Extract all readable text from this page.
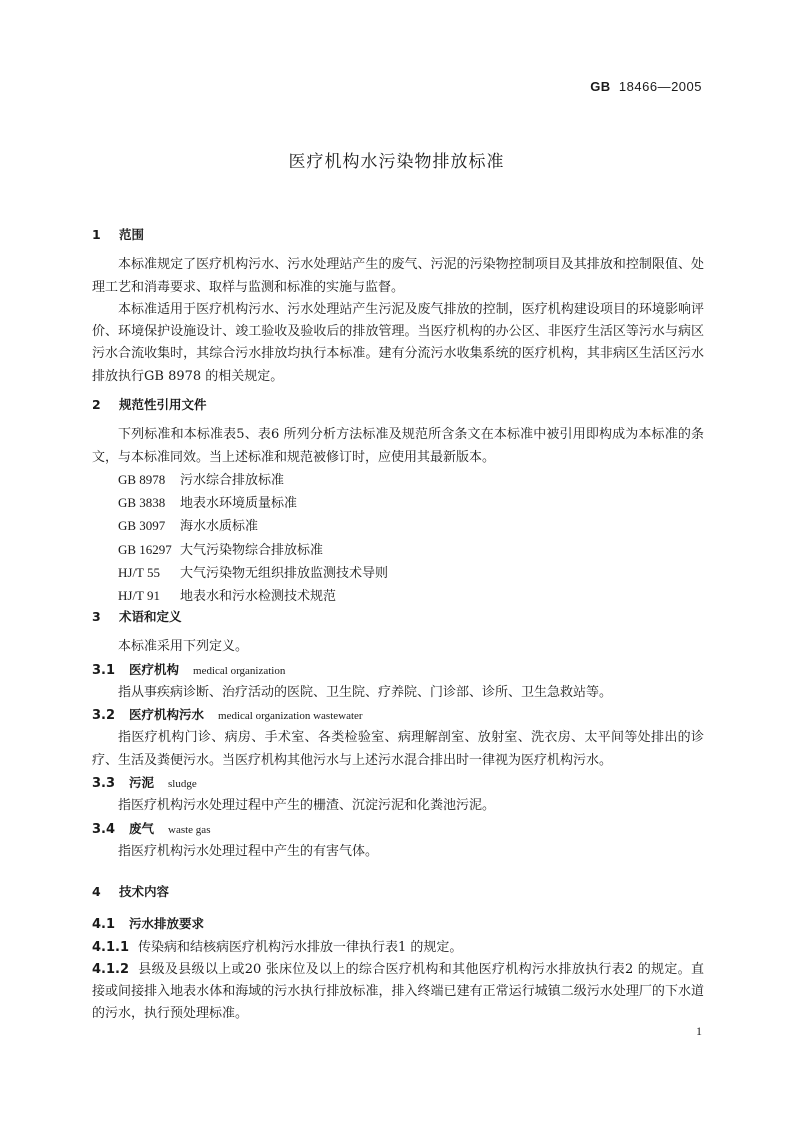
GB 18466—2005
医疗机构水污染物排放标准

1 范围

本标准规定了医疗机构污水、污水处理站产生的废气、污泥的污染物控制项目及其排放和控制限值、处理工艺和消毒要求、取样与监测和标准的实施与监督。

本标准适用于医疗机构污水、污水处理站产生污泥及废气排放的控制，医疗机构建设项目的环境影响评价、环境保护设施设计、竣工验收及验收后的排放管理。当医疗机构的办公区、非医疗生活区等污水与病区污水合流收集时，其综合污水排放均执行本标准。建有分流污水收集系统的医疗机构，其非病区生活区污水排放执行GB 8978 的相关规定。

2 规范性引用文件

下列标准和本标准表5、表6 所列分析方法标准及规范所含条文在本标准中被引用即构成为本标准的条文，与本标准同效。当上述标准和规范被修订时，应使用其最新版本。

GB 8978 污水综合排放标准

GB 3838 地表水环境质量标准

GB 3097 海水水质标准

GB 16297 大气污染物综合排放标准

HJ/T 55 大气污染物无组织排放监测技术导则

HJ/T 91 地表水和污水检测技术规范

3 术语和定义

本标准采用下列定义。

3.1 医疗机构 medical organization

指从事疾病诊断、治疗活动的医院、卫生院、疗养院、门诊部、诊所、卫生急救站等。

3.2 医疗机构污水 medical organization wastewater

指医疗机构门诊、病房、手术室、各类检验室、病理解剖室、放射室、洗衣房、太平间等处排出的诊疗、生活及粪便污水。当医疗机构其他污水与上述污水混合排出时一律视为医疗机构污水。

3.3 污泥 sludge

指医疗机构污水处理过程中产生的栅渣、沉淀污泥和化粪池污泥。

3.4 废气 waste gas

指医疗机构污水处理过程中产生的有害气体。

4 技术内容

4.1 污水排放要求

4.1.1 传染病和结核病医疗机构污水排放一律执行表1 的规定。

4.1.2 县级及县级以上或20 张床位及以上的综合医疗机构和其他医疗机构污水排放执行表2 的规定。直接或间接排入地表水体和海域的污水执行排放标准，排入终端已建有正常运行城镇二级污水处理厂的下水道的污水，执行预处理标准。

1
